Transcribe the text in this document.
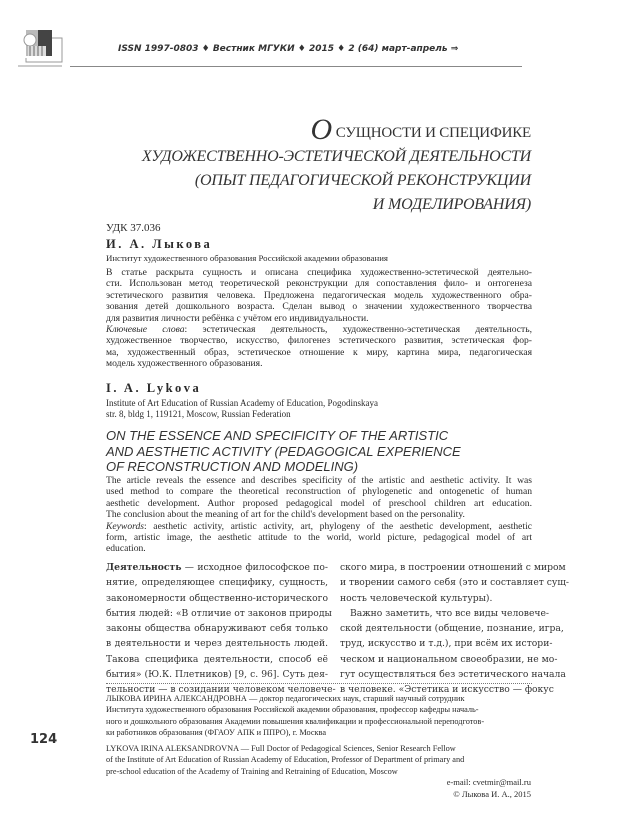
ISSN 1997-0803 ♦ Вестник МГУКИ ♦ 2015 ♦ 2 (64) март-апрель ⇒
О СУЩНОСТИ И СПЕЦИФИКЕ
ХУДОЖЕСТВЕННО-ЭСТЕТИЧЕСКОЙ ДЕЯТЕЛЬНОСТИ
(ОПЫТ ПЕДАГОГИЧЕСКОЙ РЕКОНСТРУКЦИИ
И МОДЕЛИРОВАНИЯ)
УДК 37.036
И. А. Лыкова
Институт художественного образования Российской академии образования
В статье раскрыта сущность и описана специфика художественно-эстетической деятельно-
сти. Использован метод теоретической реконструкции для сопоставления фило- и онтогенеза
эстетического развития человека. Предложена педагогическая модель художественного обра-
зования детей дошкольного возраста. Сделан вывод о значении художественного творчества
для развития личности ребёнка с учётом его индивидуальности.
Ключевые слова: эстетическая деятельность, художественно-эстетическая деятельность,
художественное творчество, искусство, филогенез эстетического развития, эстетическая фор-
ма, художественный образ, эстетическое отношение к миру, картина мира, педагогическая
модель художественного образования.
I. A. Lykova
Institute of Art Education of Russian Academy of Education, Pogodinskaya
str. 8, bldg 1, 119121, Moscow, Russian Federation
ON THE ESSENCE AND SPECIFICITY OF THE ARTISTIC
AND AESTHETIC ACTIVITY (PEDAGOGICAL EXPERIENCE
OF RECONSTRUCTION AND MODELING)
The article reveals the essence and describes specificity of the artistic and aesthetic activity. It was
used method to compare the theoretical reconstruction of phylogenetic and ontogenetic of human
aesthetic development. Author proposed pedagogical model of preschool children art education.
The conclusion about the meaning of art for the child's development based on the personality.
Keywords: aesthetic activity, artistic activity, art, phylogeny of the aesthetic development, aesthetic
form, artistic image, the aesthetic attitude to the world, world picture, pedagogical model of art
education.
Деятельность — исходное философское по-
нятие, определяющее специфику, сущность,
закономерности общественно-исторического
бытия людей: «В отличие от законов природы
законы общества обнаруживают себя только
в деятельности и через деятельность людей.
Такова специфика деятельности, способ её
бытия» (Ю.К. Плетников) [9, с. 96]. Суть дея-
тельности — в созидании человеком человече-
ского мира, в построении отношений с миром
и творении самого себя (это и составляет сущ-
ность человеческой культуры).
Важно заметить, что все виды человече-
ской деятельности (общение, познание, игра,
труд, искусство и т.д.), при всём их истори-
ческом и национальном своеобразии, не мо-
гут осуществляться без эстетического начала
в человеке. «Эстетика и искусство — фокус
ЛЫКОВА ИРИНА АЛЕКСАНДРОВНА — доктор педагогических наук, старший научный сотрудник
Института художественного образования Российской академии образования, профессор кафедры началь-
ного и дошкольного образования Академии повышения квалификации и профессиональной переподготов-
ки работников образования (ФГАОУ АПК и ППРО), г. Москва
LYKOVA IRINA ALEKSANDROVNA — Full Doctor of Pedagogical Sciences, Senior Research Fellow
of the Institute of Art Education of Russian Academy of Education, Professor of Department of primary and
pre-school education of the Academy of Training and Retraining of Education, Moscow
e-mail: cvetmir@mail.ru
© Лыкова И. А., 2015
124
